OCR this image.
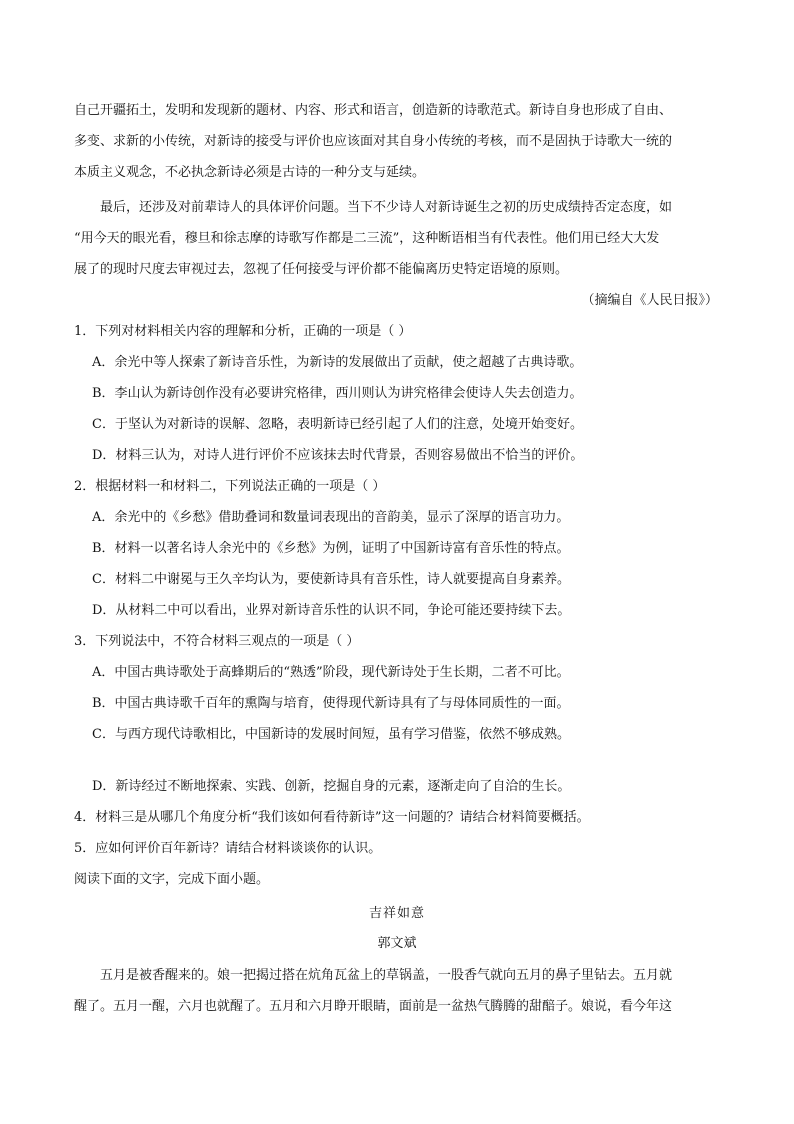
自己开疆拓土，发明和发现新的题材、内容、形式和语言，创造新的诗歌范式。新诗自身也形成了自由、
多变、求新的小传统，对新诗的接受与评价也应该面对其自身小传统的考核，而不是固执于诗歌大一统的
本质主义观念，不必执念新诗必须是古诗的一种分支与延续。
最后，还涉及对前辈诗人的具体评价问题。当下不少诗人对新诗诞生之初的历史成绩持否定态度，如
“用今天的眼光看，穆旦和徐志摩的诗歌写作都是二三流”，这种断语相当有代表性。他们用已经大大发
展了的现时尺度去审视过去，忽视了任何接受与评价都不能偏离历史特定语境的原则。
（摘编自《人民日报》）
1．下列对材料相关内容的理解和分析，正确的一项是（ ）
A．余光中等人探索了新诗音乐性，为新诗的发展做出了贡献，使之超越了古典诗歌。
B．李山认为新诗创作没有必要讲究格律，西川则认为讲究格律会使诗人失去创造力。
C．于坚认为对新诗的误解、忽略，表明新诗已经引起了人们的注意，处境开始变好。
D．材料三认为，对诗人进行评价不应该抹去时代背景，否则容易做出不恰当的评价。
2．根据材料一和材料二，下列说法正确的一项是（ ）
A．余光中的《乡愁》借助叠词和数量词表现出的音韵美，显示了深厚的语言功力。
B．材料一以著名诗人余光中的《乡愁》为例，证明了中国新诗富有音乐性的特点。
C．材料二中谢冕与王久辛均认为，要使新诗具有音乐性，诗人就要提高自身素养。
D．从材料二中可以看出，业界对新诗音乐性的认识不同，争论可能还要持续下去。
3．下列说法中，不符合材料三观点的一项是（ ）
A．中国古典诗歌处于高蜂期后的“熟透”阶段，现代新诗处于生长期，二者不可比。
B．中国古典诗歌千百年的熏陶与培育，使得现代新诗具有了与母体同质性的一面。
C．与西方现代诗歌相比，中国新诗的发展时间短，虽有学习借鉴，依然不够成熟。
D．新诗经过不断地探索、实践、创新，挖掘自身的元素，逐渐走向了自洽的生长。
4．材料三是从哪几个角度分析“我们该如何看待新诗”这一问题的？请结合材料简要概括。
5．应如何评价百年新诗？请结合材料谈谈你的认识。
阅读下面的文字，完成下面小题。
吉祥如意
郭文斌
五月是被香醒来的。娘一把揭过搭在炕角瓦盆上的草锅盖，一股香气就向五月的鼻子里钻去。五月就
醒了。五月一醒，六月也就醒了。五月和六月睁开眼睛，面前是一盆热气腾腾的甜醅子。娘说，看今年这
